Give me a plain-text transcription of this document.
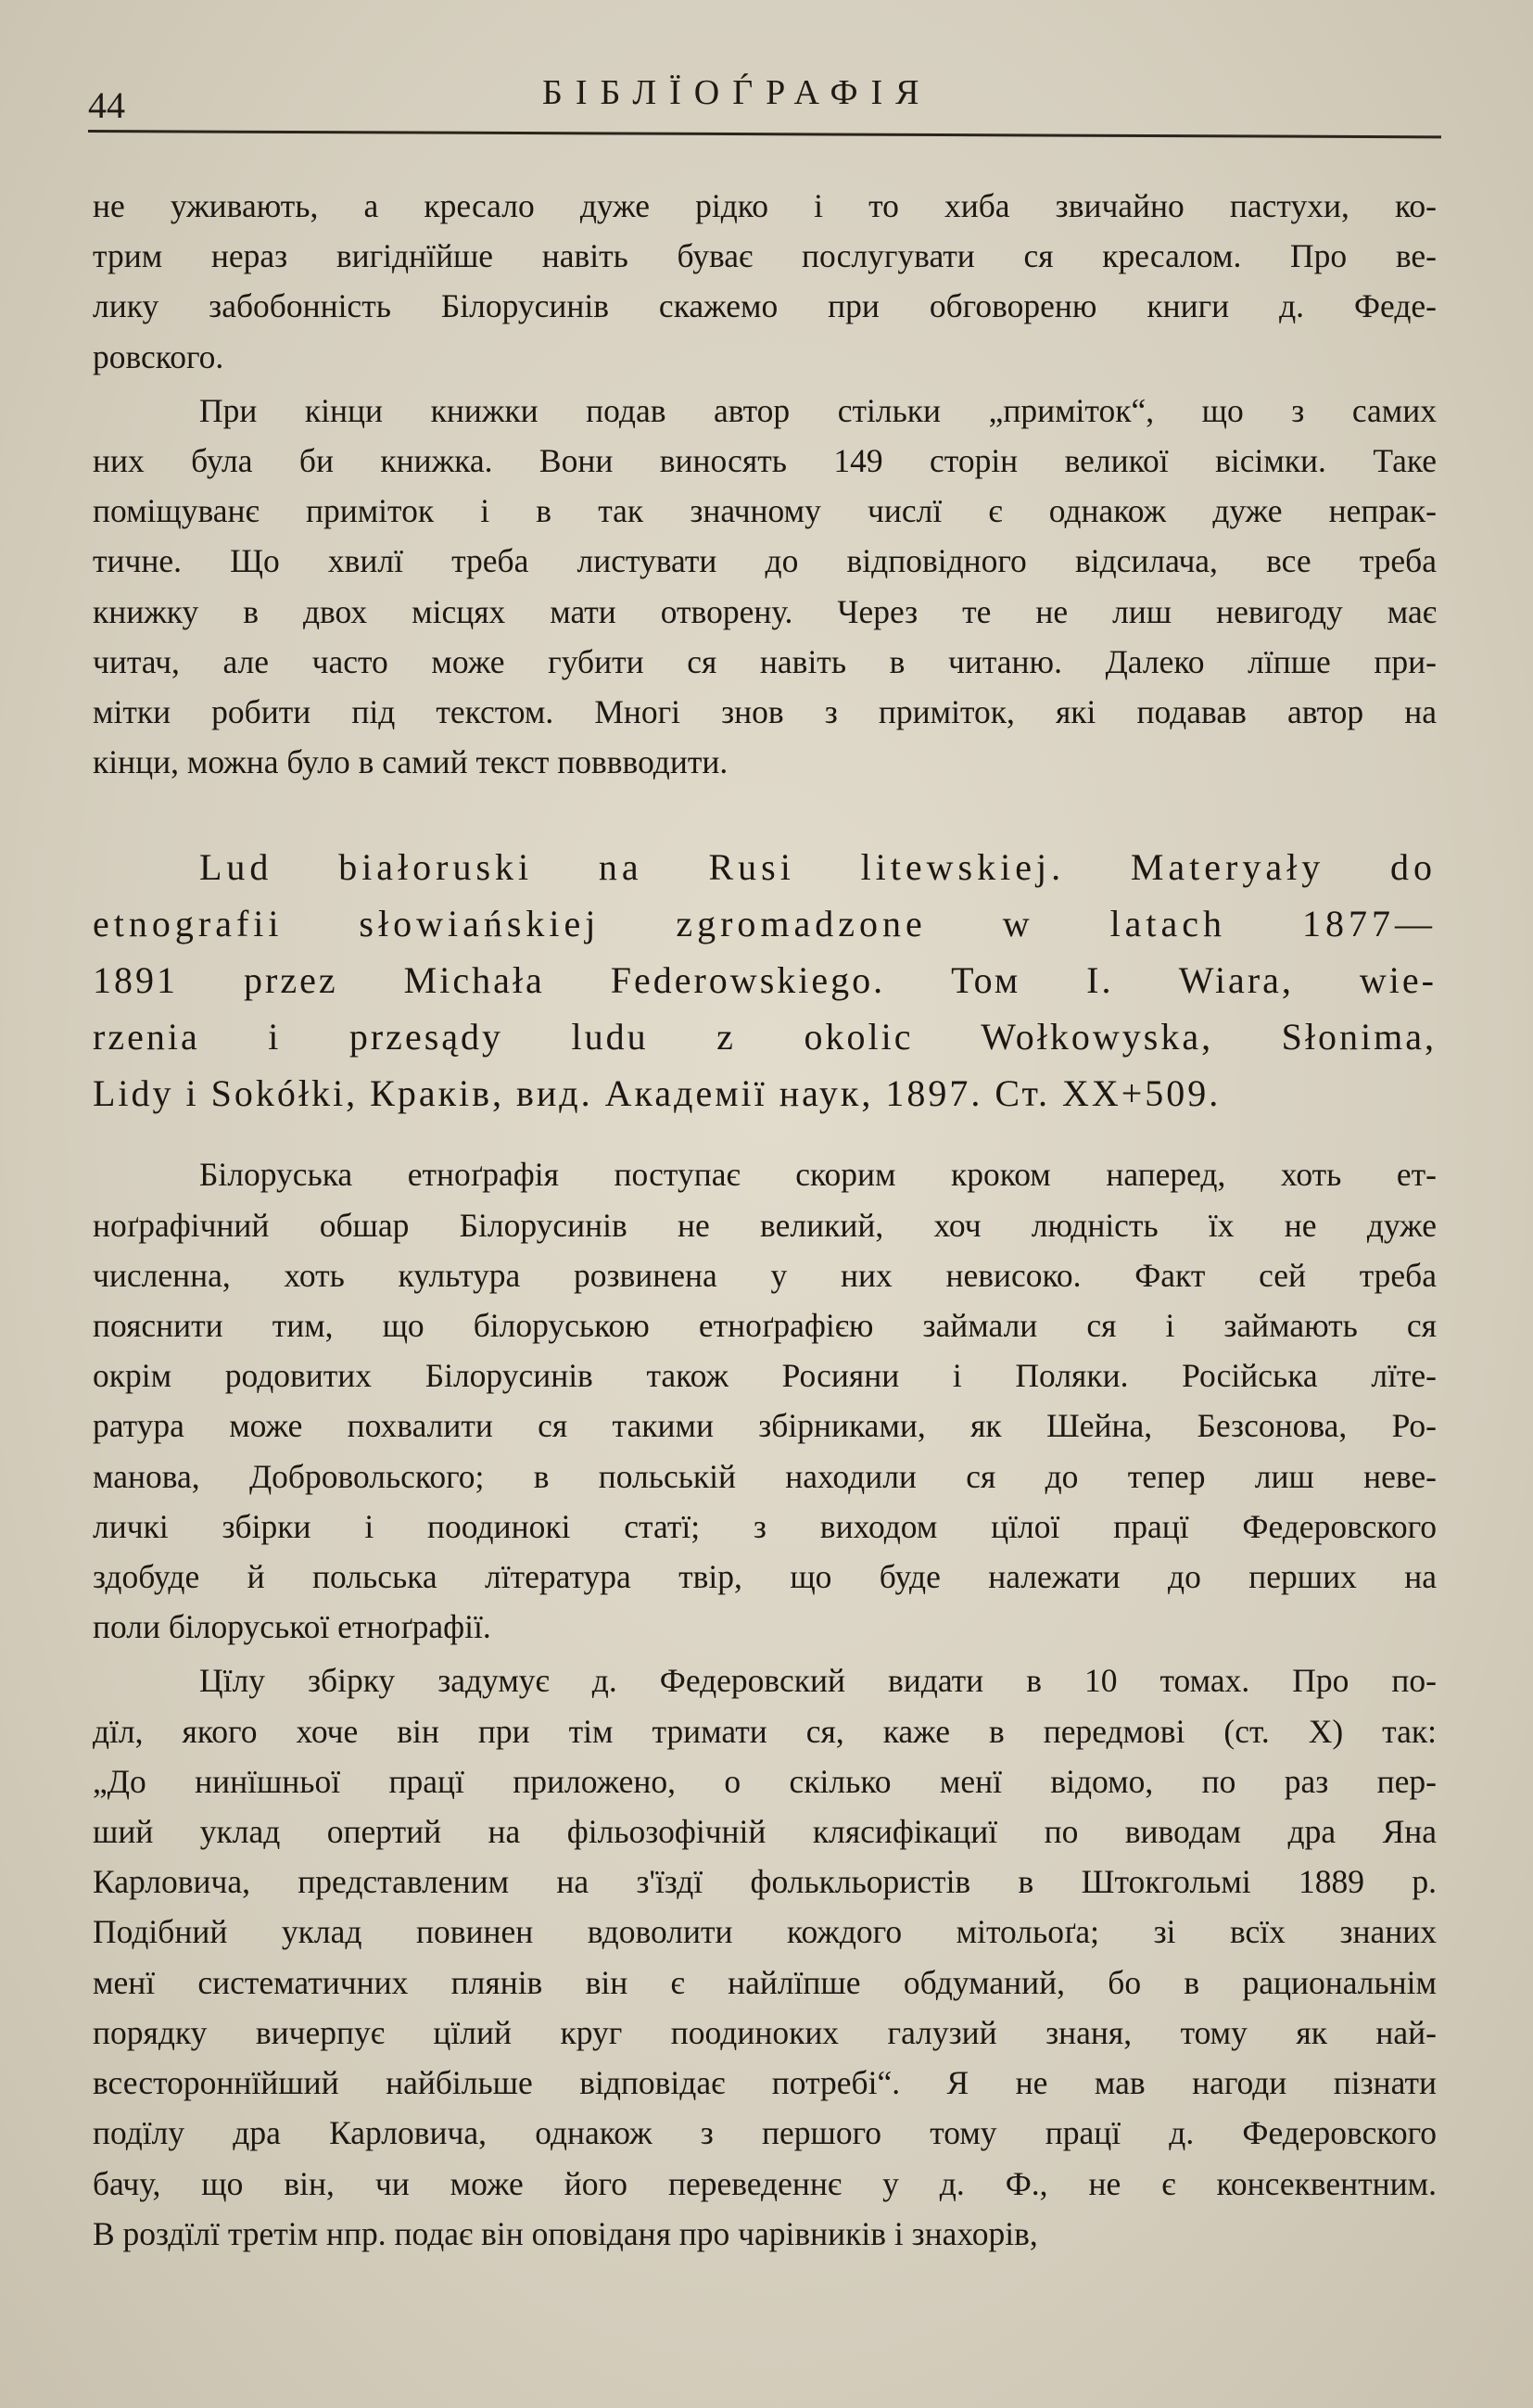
44	БІБЛЇОЃРАФІЯ

не уживають, а кресало дуже рідко і то хиба звичайно пастухи, ко-
трим нераз вигіднїйше навіть буває послугувати ся кресалом. Про ве-
лику забобонність Білорусинів скажемо при обговореню книги д. Феде-
ровского.

При кінци книжки подав автор стільки „приміток“, що з самих
них була би книжка. Вони виносять 149 сторін великої вісімки. Таке
поміщуванє приміток і в так значному числї є однакож дуже непрак-
тичне. Що хвилї треба листувати до відповідного відсилача, все треба
книжку в двох місцях мати отворену. Через те не лиш невигоду має
читач, але часто може губити ся навіть в читаню. Далеко лїпше при-
мітки робити під текстом. Многі знов з приміток, які подавав автор на
кінци, можна було в самий текст поввводити.

Lud białoruski na Rusi litewskiej. Materyały do
etnografii słowiańskiej zgromadzone w latach 1877—
1891 przez Michała Federowskiego. Том I. Wiara, wie-
rzenia i przesądy ludu z okolic Wołkowyska, Słonima,
Lidy i Sokółki, Краків, вид. Академії наук, 1897. Ст. XX+509.

Білоруська етноґрафія поступає скорим кроком наперед, хоть ет-
ноґрафічний обшар Білорусинів не великий, хоч людність їх не дуже
численна, хоть культура розвинена у них невисоко. Факт сей треба
пояснити тим, що білоруською етноґрафією займали ся і займають ся
окрім родовитих Білорусинів також Росияни і Поляки. Російська лїте-
ратура може похвалити ся такими збірниками, як Шейна, Безсонова, Ро-
манова, Добровольского; в польській находили ся до тепер лиш неве-
личкі збірки і поодинокі статї; з виходом цїлої працї Федеровского
здобуде й польська лїтература твір, що буде належати до перших на
поли білоруської етноґрафії.

Цїлу збірку задумує д. Федеровский видати в 10 томах. Про по-
дїл, якого хоче він при тім тримати ся, каже в передмові (ст. X) так:
„До нинїшньої працї приложено, о скілько менї відомо, по раз пер-
ший уклад опертий на фільозофічній клясифікациї по виводам дра Яна
Карловича, представленим на з'їздї фолькльористів в Штокгольмі 1889 р.
Подібний уклад повинен вдоволити кождого мітольоґа; зі всїх знаних
менї систематичних плянів він є найлїпше обдуманий, бо в рациональнім
порядку вичерпує цїлий круг поодиноких галузий знаня, тому як най-
всестороннїйший найбільше відповідає потребі“. Я не мав нагоди пізнати
подїлу дра Карловича, однакож з першого тому працї д. Федеровского
бачу, що він, чи може його переведеннє у д. Ф., не є консеквентним.
В роздїлї третім нпр. подає він оповіданя про чарівників і знахорів,
